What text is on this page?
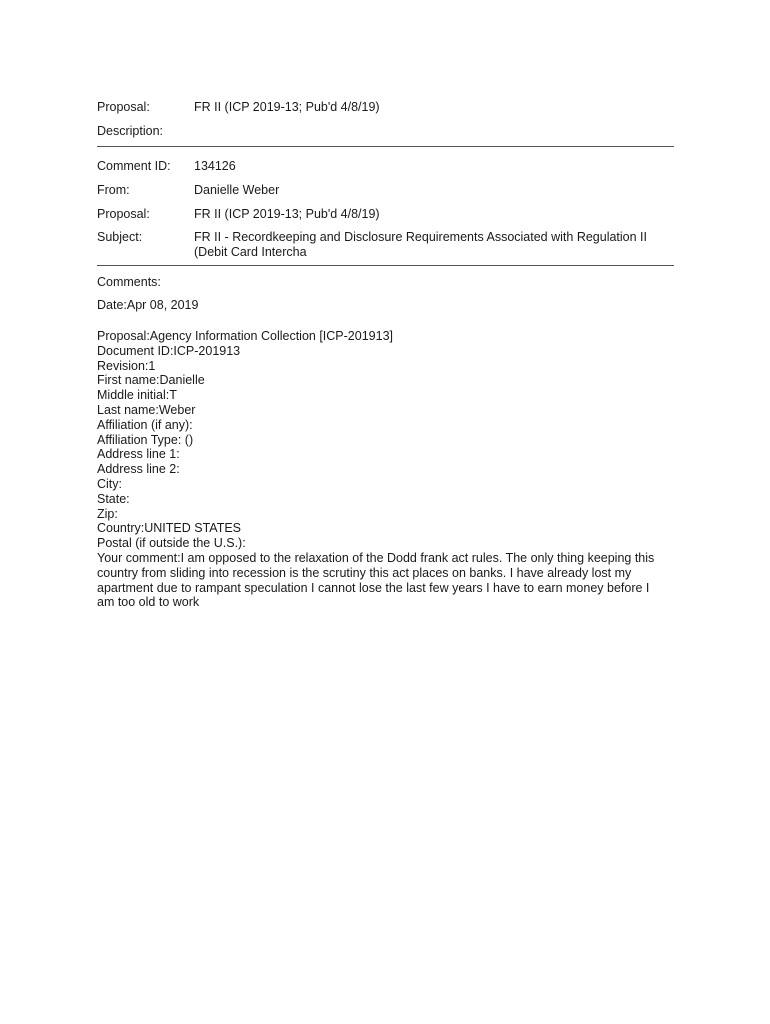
Proposal:	FR II (ICP 2019-13; Pub'd 4/8/19)
Description:
Comment ID:	134126
From:	Danielle Weber
Proposal:	FR II (ICP 2019-13; Pub'd 4/8/19)
Subject:	FR II - Recordkeeping and Disclosure Requirements Associated with Regulation II
(Debit Card Intercha
Comments:
Date:Apr 08, 2019
Proposal:Agency Information Collection [ICP-201913]
Document ID:ICP-201913
Revision:1
First name:Danielle
Middle initial:T
Last name:Weber
Affiliation (if any):
Affiliation Type: ()
Address line 1:
Address line 2:
City:
State:
Zip:
Country:UNITED STATES
Postal (if outside the U.S.):
Your comment:I am opposed to the relaxation of the Dodd frank act rules. The only thing keeping this
country from sliding into recession is the scrutiny this act places on banks. I have already lost my
apartment due to rampant speculation I cannot lose the last few years I have to earn money before I
am too old to work
